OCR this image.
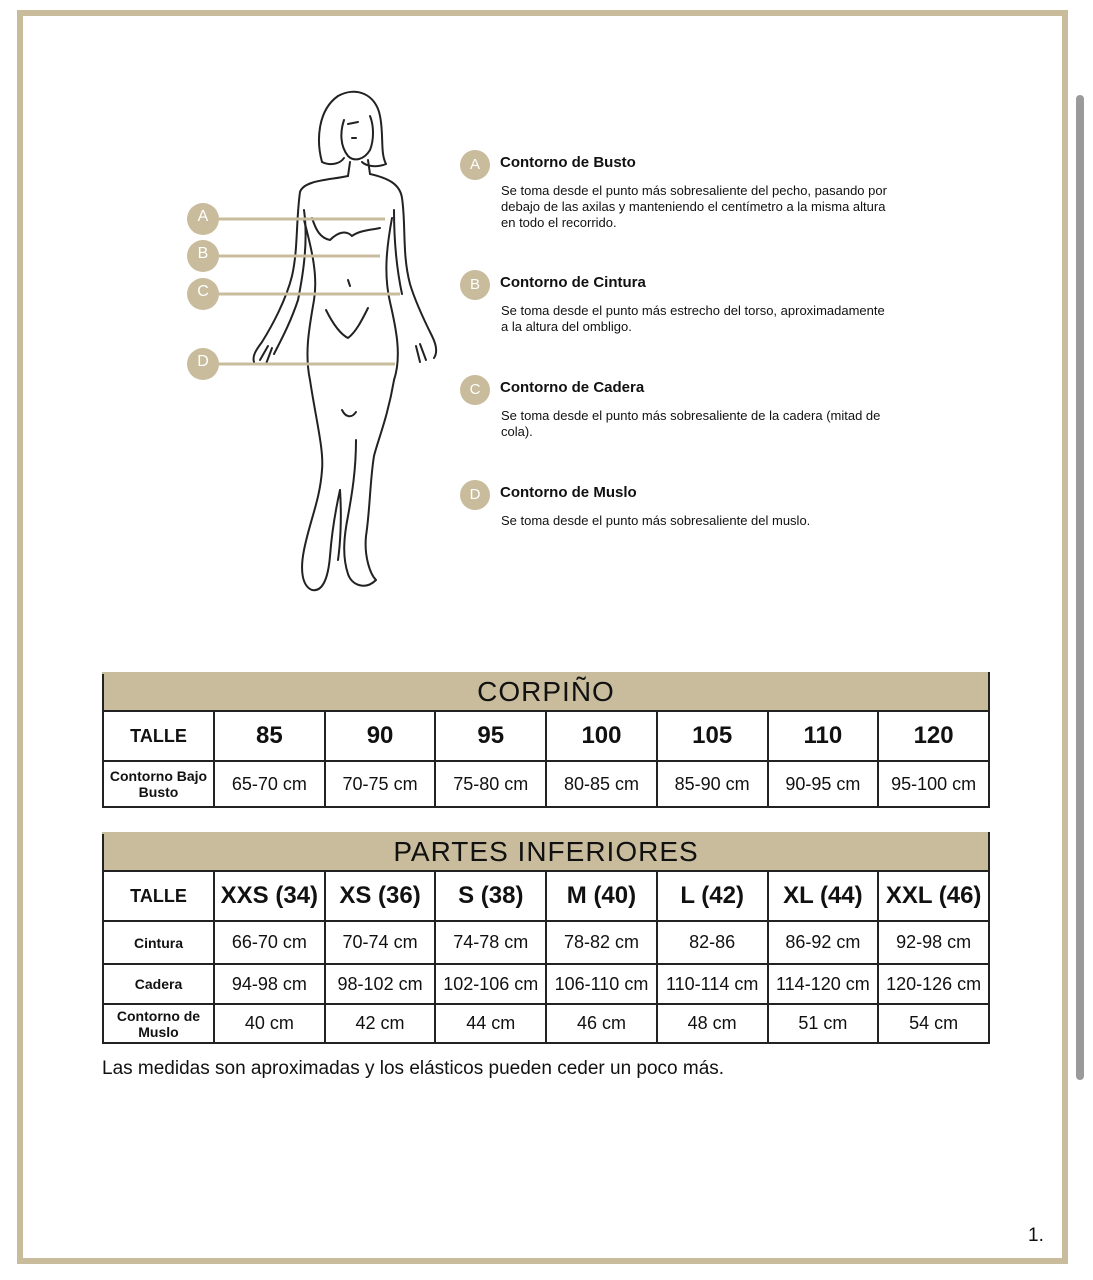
A
B
C
D
A	Contorno de Busto
Se toma desde el punto más sobresaliente del pecho, pasando por debajo de las axilas y manteniendo el centímetro a la misma altura en todo el recorrido.
B	Contorno de Cintura
Se toma desde el punto más estrecho del torso, aproximadamente a la altura del ombligo.
C	Contorno de Cadera
Se toma desde el punto más sobresaliente de la cadera (mitad de cola).
D	Contorno de Muslo
Se toma desde el punto más sobresaliente del muslo.
CORPIÑO							
TALLE	85	90	95	100	105	110	120
Contorno Bajo Busto	65-70 cm	70-75 cm	75-80 cm	80-85 cm	85-90 cm	90-95 cm	95-100 cm
PARTES INFERIORES							
TALLE	XXS (34)	XS (36)	S (38)	M (40)	L (42)	XL (44)	XXL (46)
Cintura	66-70 cm	70-74 cm	74-78 cm	78-82 cm	82-86	86-92 cm	92-98 cm
Cadera	94-98 cm	98-102 cm	102-106 cm	106-110 cm	110-114 cm	114-120 cm	120-126 cm
Contorno de Muslo	40 cm	42 cm	44 cm	46 cm	48 cm	51 cm	54 cm
Las medidas son aproximadas y los elásticos pueden ceder un poco más.
1.
